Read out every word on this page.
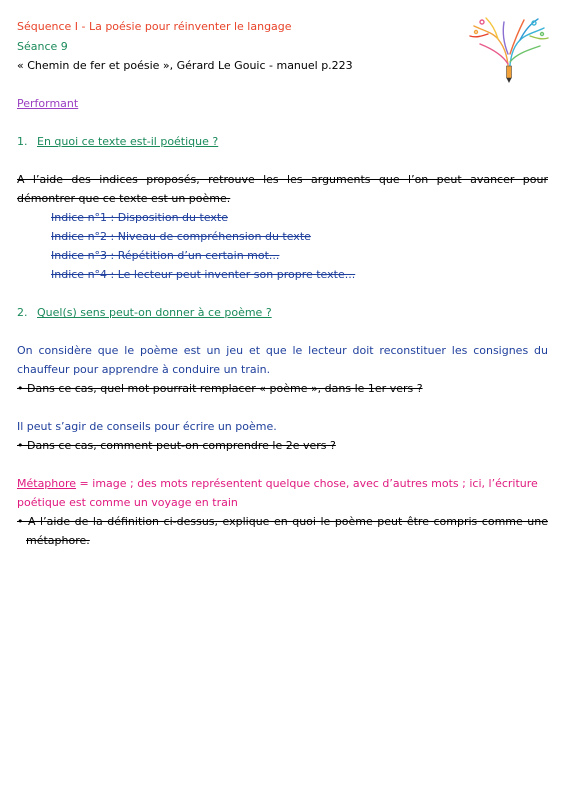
Séquence I - La poésie pour réinventer le langage
Séance 9
« Chemin de fer et poésie », Gérard Le Gouic - manuel p.223
Performant
1. En quoi ce texte est-il poétique ?
A l’aide des indices proposés, retrouve les les arguments que l’on peut avancer pour
démontrer que ce texte est un poème.
Indice n°1 : Disposition du texte
Indice n°2 : Niveau de compréhension du texte
Indice n°3 : Répétition d’un certain mot...
Indice n°4 : Le lecteur peut inventer son propre texte...
2. Quel(s) sens peut-on donner à ce poème ?
On considère que le poème est un jeu et que le lecteur doit reconstituer les consignes du
chauffeur pour apprendre à conduire un train.
• Dans ce cas, quel mot pourrait remplacer « poème », dans le 1er vers ?
Il peut s’agir de conseils pour écrire un poème.
• Dans ce cas, comment peut-on comprendre le 2e vers ?
Métaphore = image ; des mots représentent quelque chose, avec d’autres mots ; ici, l’écriture
poétique est comme un voyage en train
• A l’aide de la définition ci-dessus, explique en quoi le poème peut être compris comme une
métaphore.
